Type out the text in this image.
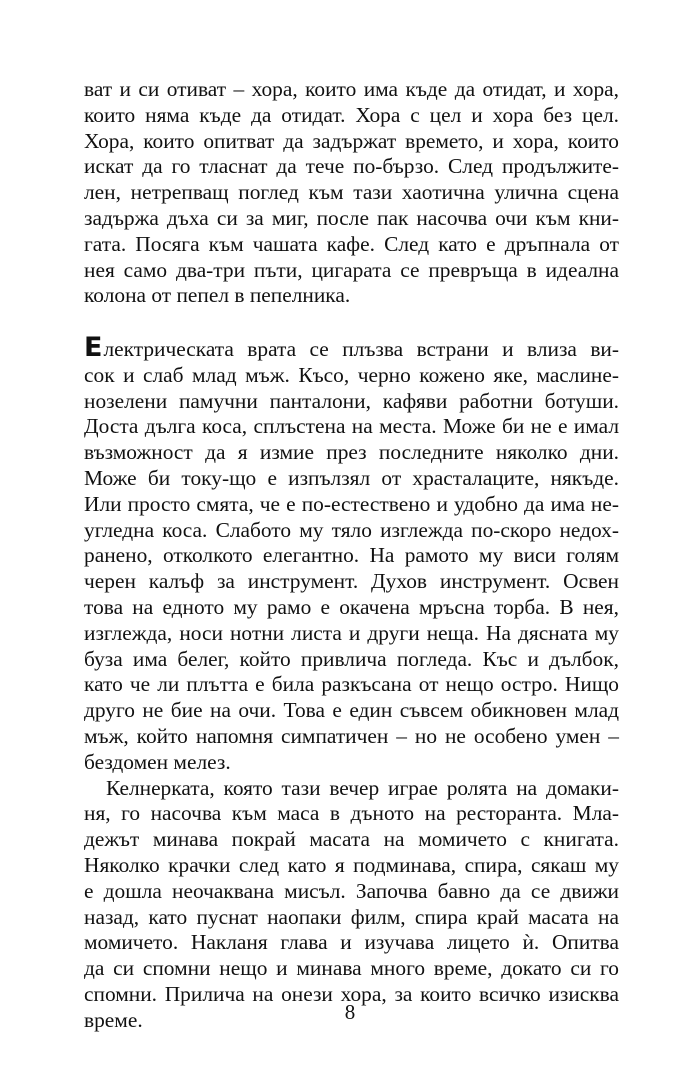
ват и си отиват – хора, които има къде да отидат, и хора,
които няма къде да отидат. Хора с цел и хора без цел.
Хора, които опитват да задържат времето, и хора, които
искат да го тласнат да тече по-бързо. След продължите-
лен, нетрепващ поглед към тази хаотична улична сцена
задържа дъха си за миг, после пак насочва очи към кни-
гата. Посяга към чашата кафе. След като е дръпнала от
нея само два-три пъти, цигарата се превръща в идеална
колона от пепел в пепелника.
Електрическата врата се плъзва встрани и влиза ви-
сок и слаб млад мъж. Късо, черно кожено яке, маслине-
нозелени памучни панталони, кафяви работни ботуши.
Доста дълга коса, сплъстена на места. Може би не е имал
възможност да я измие през последните няколко дни.
Може би току-що е изпълзял от храсталаците, някъде.
Или просто смята, че е по-естествено и удобно да има не-
угледна коса. Слабото му тяло изглежда по-скоро недох-
ранено, отколкото елегантно. На рамото му виси голям
черен калъф за инструмент. Духов инструмент. Освен
това на едното му рамо е окачена мръсна торба. В нея,
изглежда, носи нотни листа и други неща. На дясната му
буза има белег, който привлича погледа. Къс и дълбок,
като че ли плътта е била разкъсана от нещо остро. Нищо
друго не бие на очи. Това е един съвсем обикновен млад
мъж, който напомня симпатичен – но не особено умен –
бездомен мелез.
Келнерката, която тази вечер играе ролята на домаки-
ня, го насочва към маса в дъното на ресторанта. Мла-
дежът минава покрай масата на момичето с книгата.
Няколко крачки след като я подминава, спира, сякаш му
е дошла неочаквана мисъл. Започва бавно да се движи
назад, като пуснат наопаки филм, спира край масата на
момичето. Накланя глава и изучава лицето ѝ. Опитва
да си спомни нещо и минава много време, докато си го
спомни. Прилича на онези хора, за които всичко изисква
време.	8
